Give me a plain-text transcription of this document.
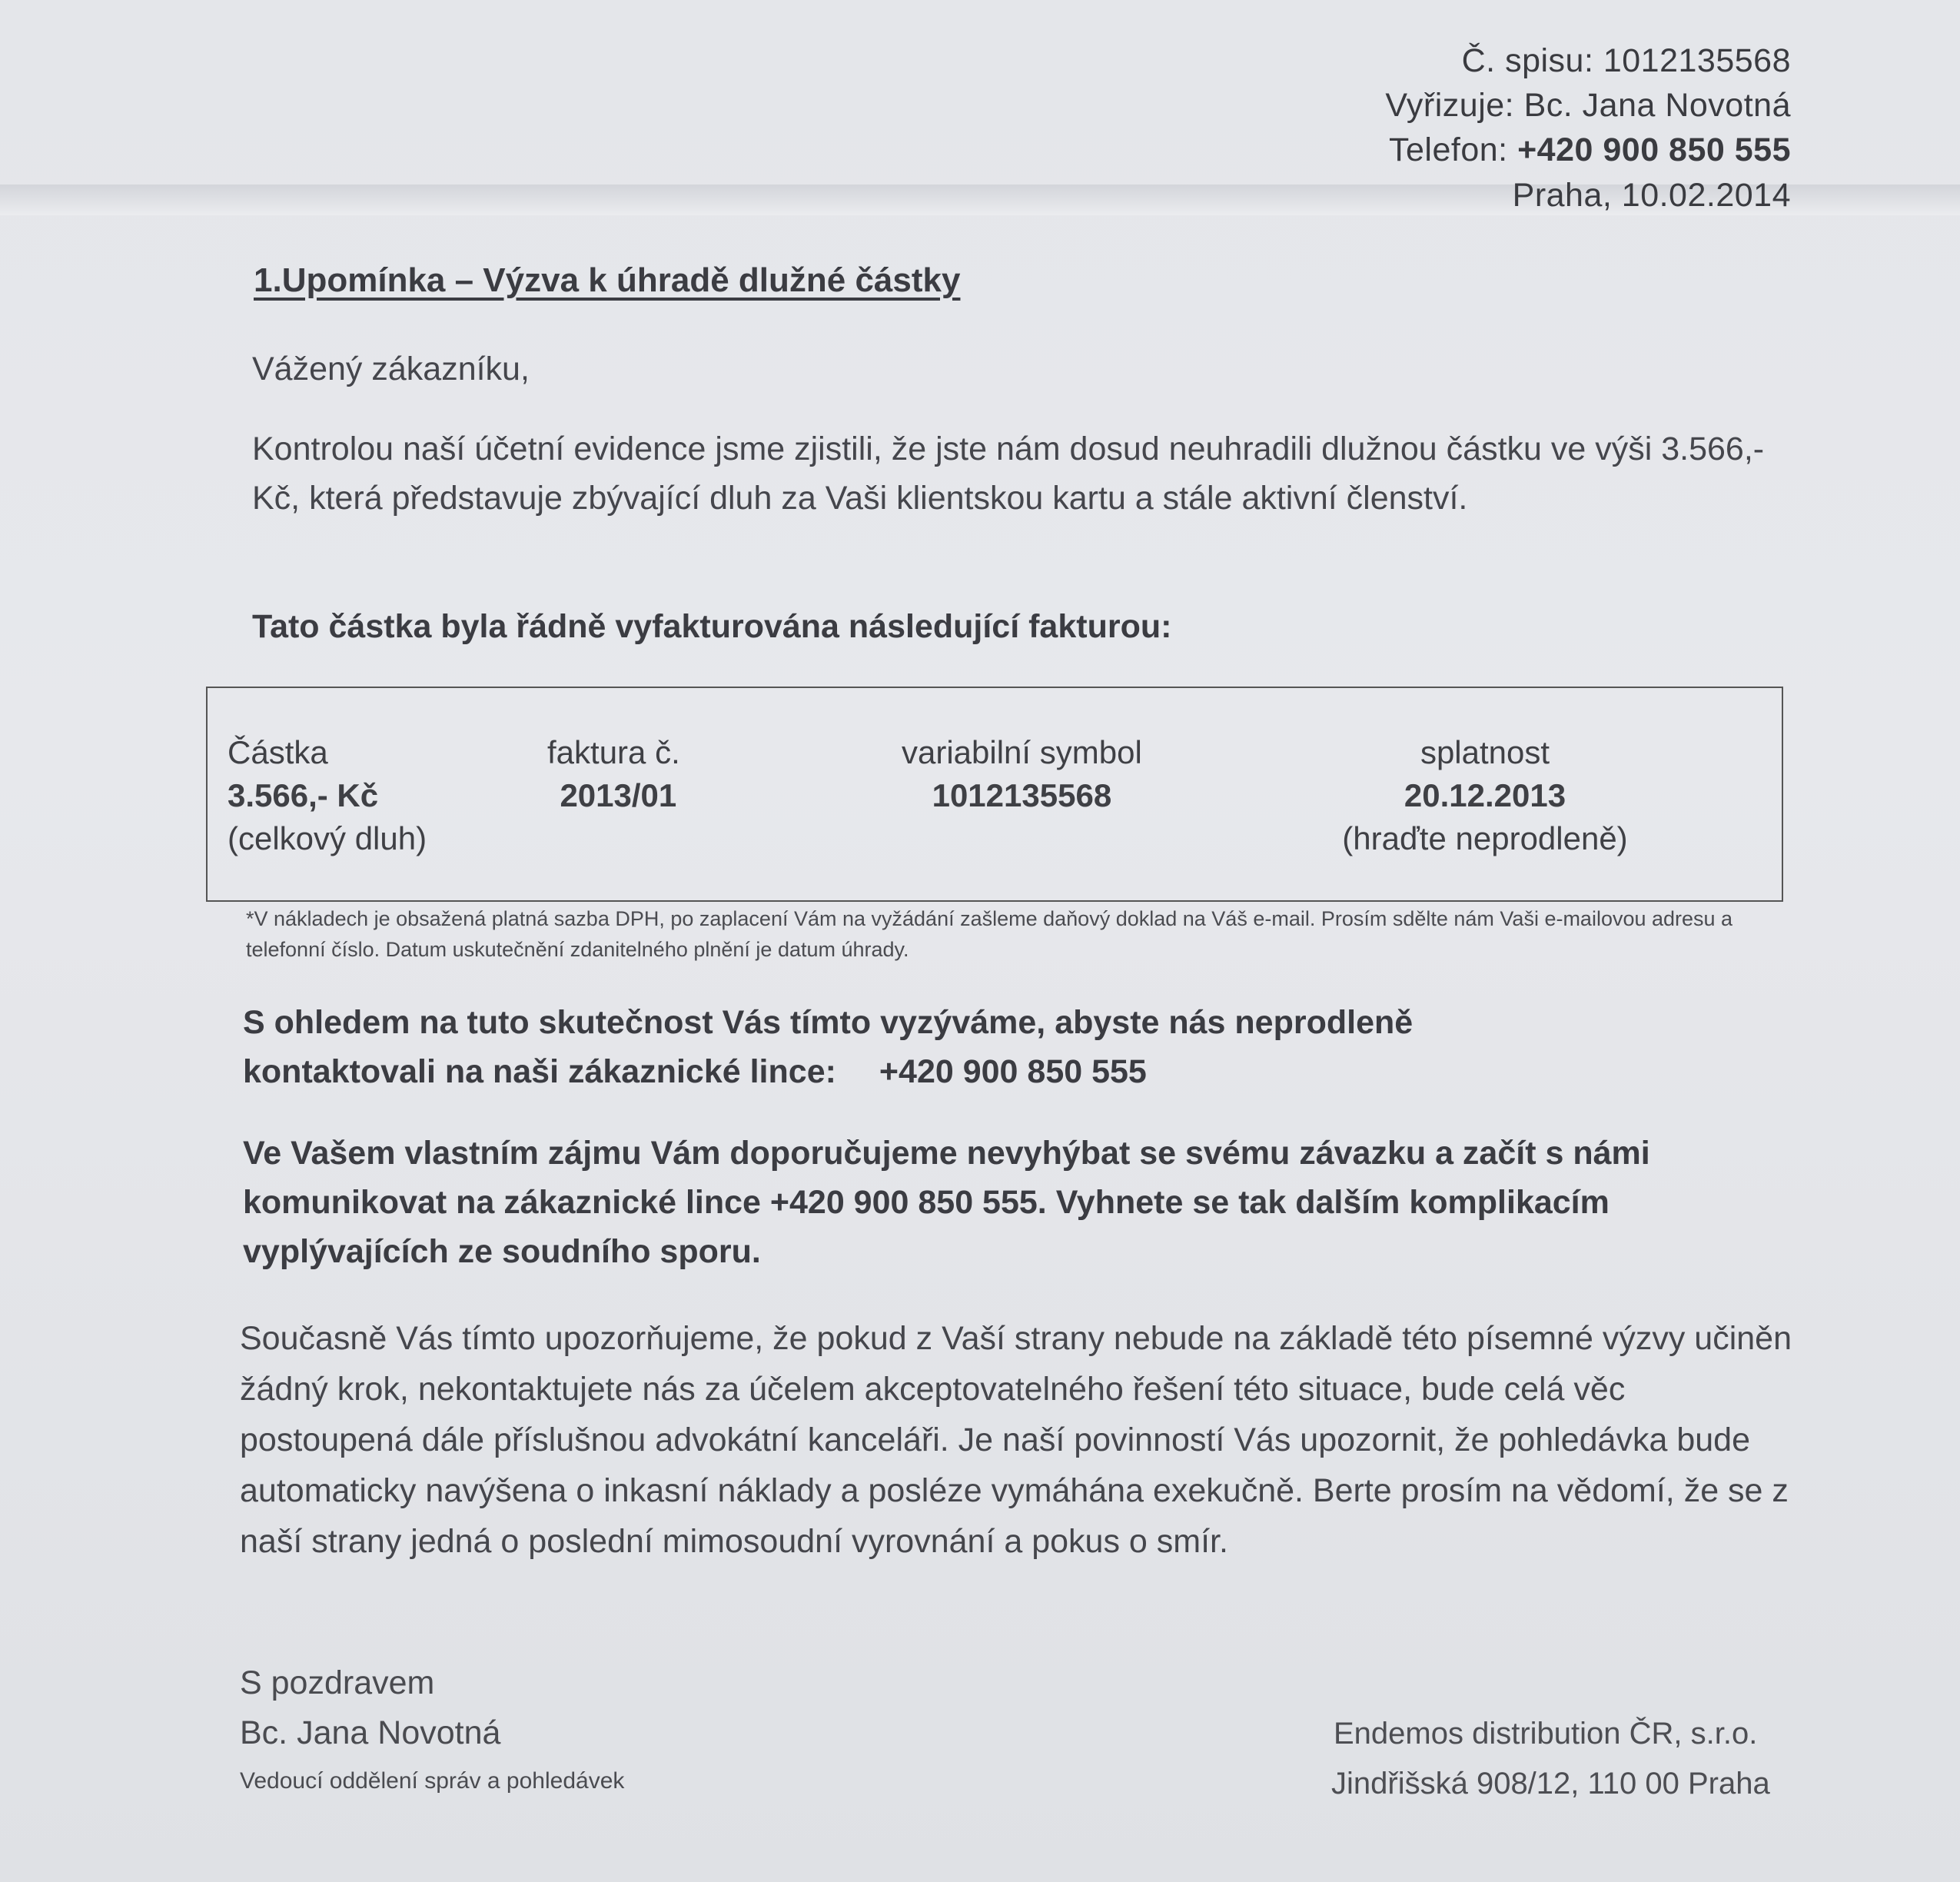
Č. spisu: 1012135568
Vyřizuje: Bc. Jana Novotná
Telefon: +420 900 850 555
Praha, 10.02.2014
1.Upomínka – Výzva k úhradě dlužné částky
Vážený zákazníku,
Kontrolou naší účetní evidence jsme zjistili, že jste nám dosud neuhradili dlužnou částku ve výši 3.566,- Kč, která představuje zbývající dluh za Vaši klientskou kartu a stále aktivní členství.
Tato částka byla řádně vyfakturována následující fakturou:
Částka
3.566,- Kč
(celkový dluh)
faktura č.
2013/01
variabilní symbol
1012135568
splatnost
20.12.2013
(hraďte neprodleně)
*V nákladech je obsažená platná sazba DPH, po zaplacení Vám na vyžádání zašleme daňový doklad na Váš e-mail. Prosím sdělte nám Vaši e-mailovou adresu a telefonní číslo. Datum uskutečnění zdanitelného plnění je datum úhrady.
S ohledem na tuto skutečnost Vás tímto vyzýváme, abyste nás neprodleně
kontaktovali na naši zákaznické lince: +420 900 850 555
Ve Vašem vlastním zájmu Vám doporučujeme nevyhýbat se svému závazku a začít s námi komunikovat na zákaznické lince +420 900 850 555. Vyhnete se tak dalším komplikacím vyplývajících ze soudního sporu.
Současně Vás tímto upozorňujeme, že pokud z Vaší strany nebude na základě této písemné výzvy učiněn žádný krok, nekontaktujete nás za účelem akceptovatelného řešení této situace, bude celá věc postoupená dále příslušnou advokátní kanceláři. Je naší povinností Vás upozornit, že pohledávka bude automaticky navýšena o inkasní náklady a posléze vymáhána exekučně. Berte prosím na vědomí, že se z naší strany jedná o poslední mimosoudní vyrovnání a pokus o smír.
S pozdravem
Bc. Jana Novotná
Vedoucí oddělení správ a pohledávek
Endemos distribution ČR, s.r.o.
Jindřišská 908/12, 110 00 Praha
